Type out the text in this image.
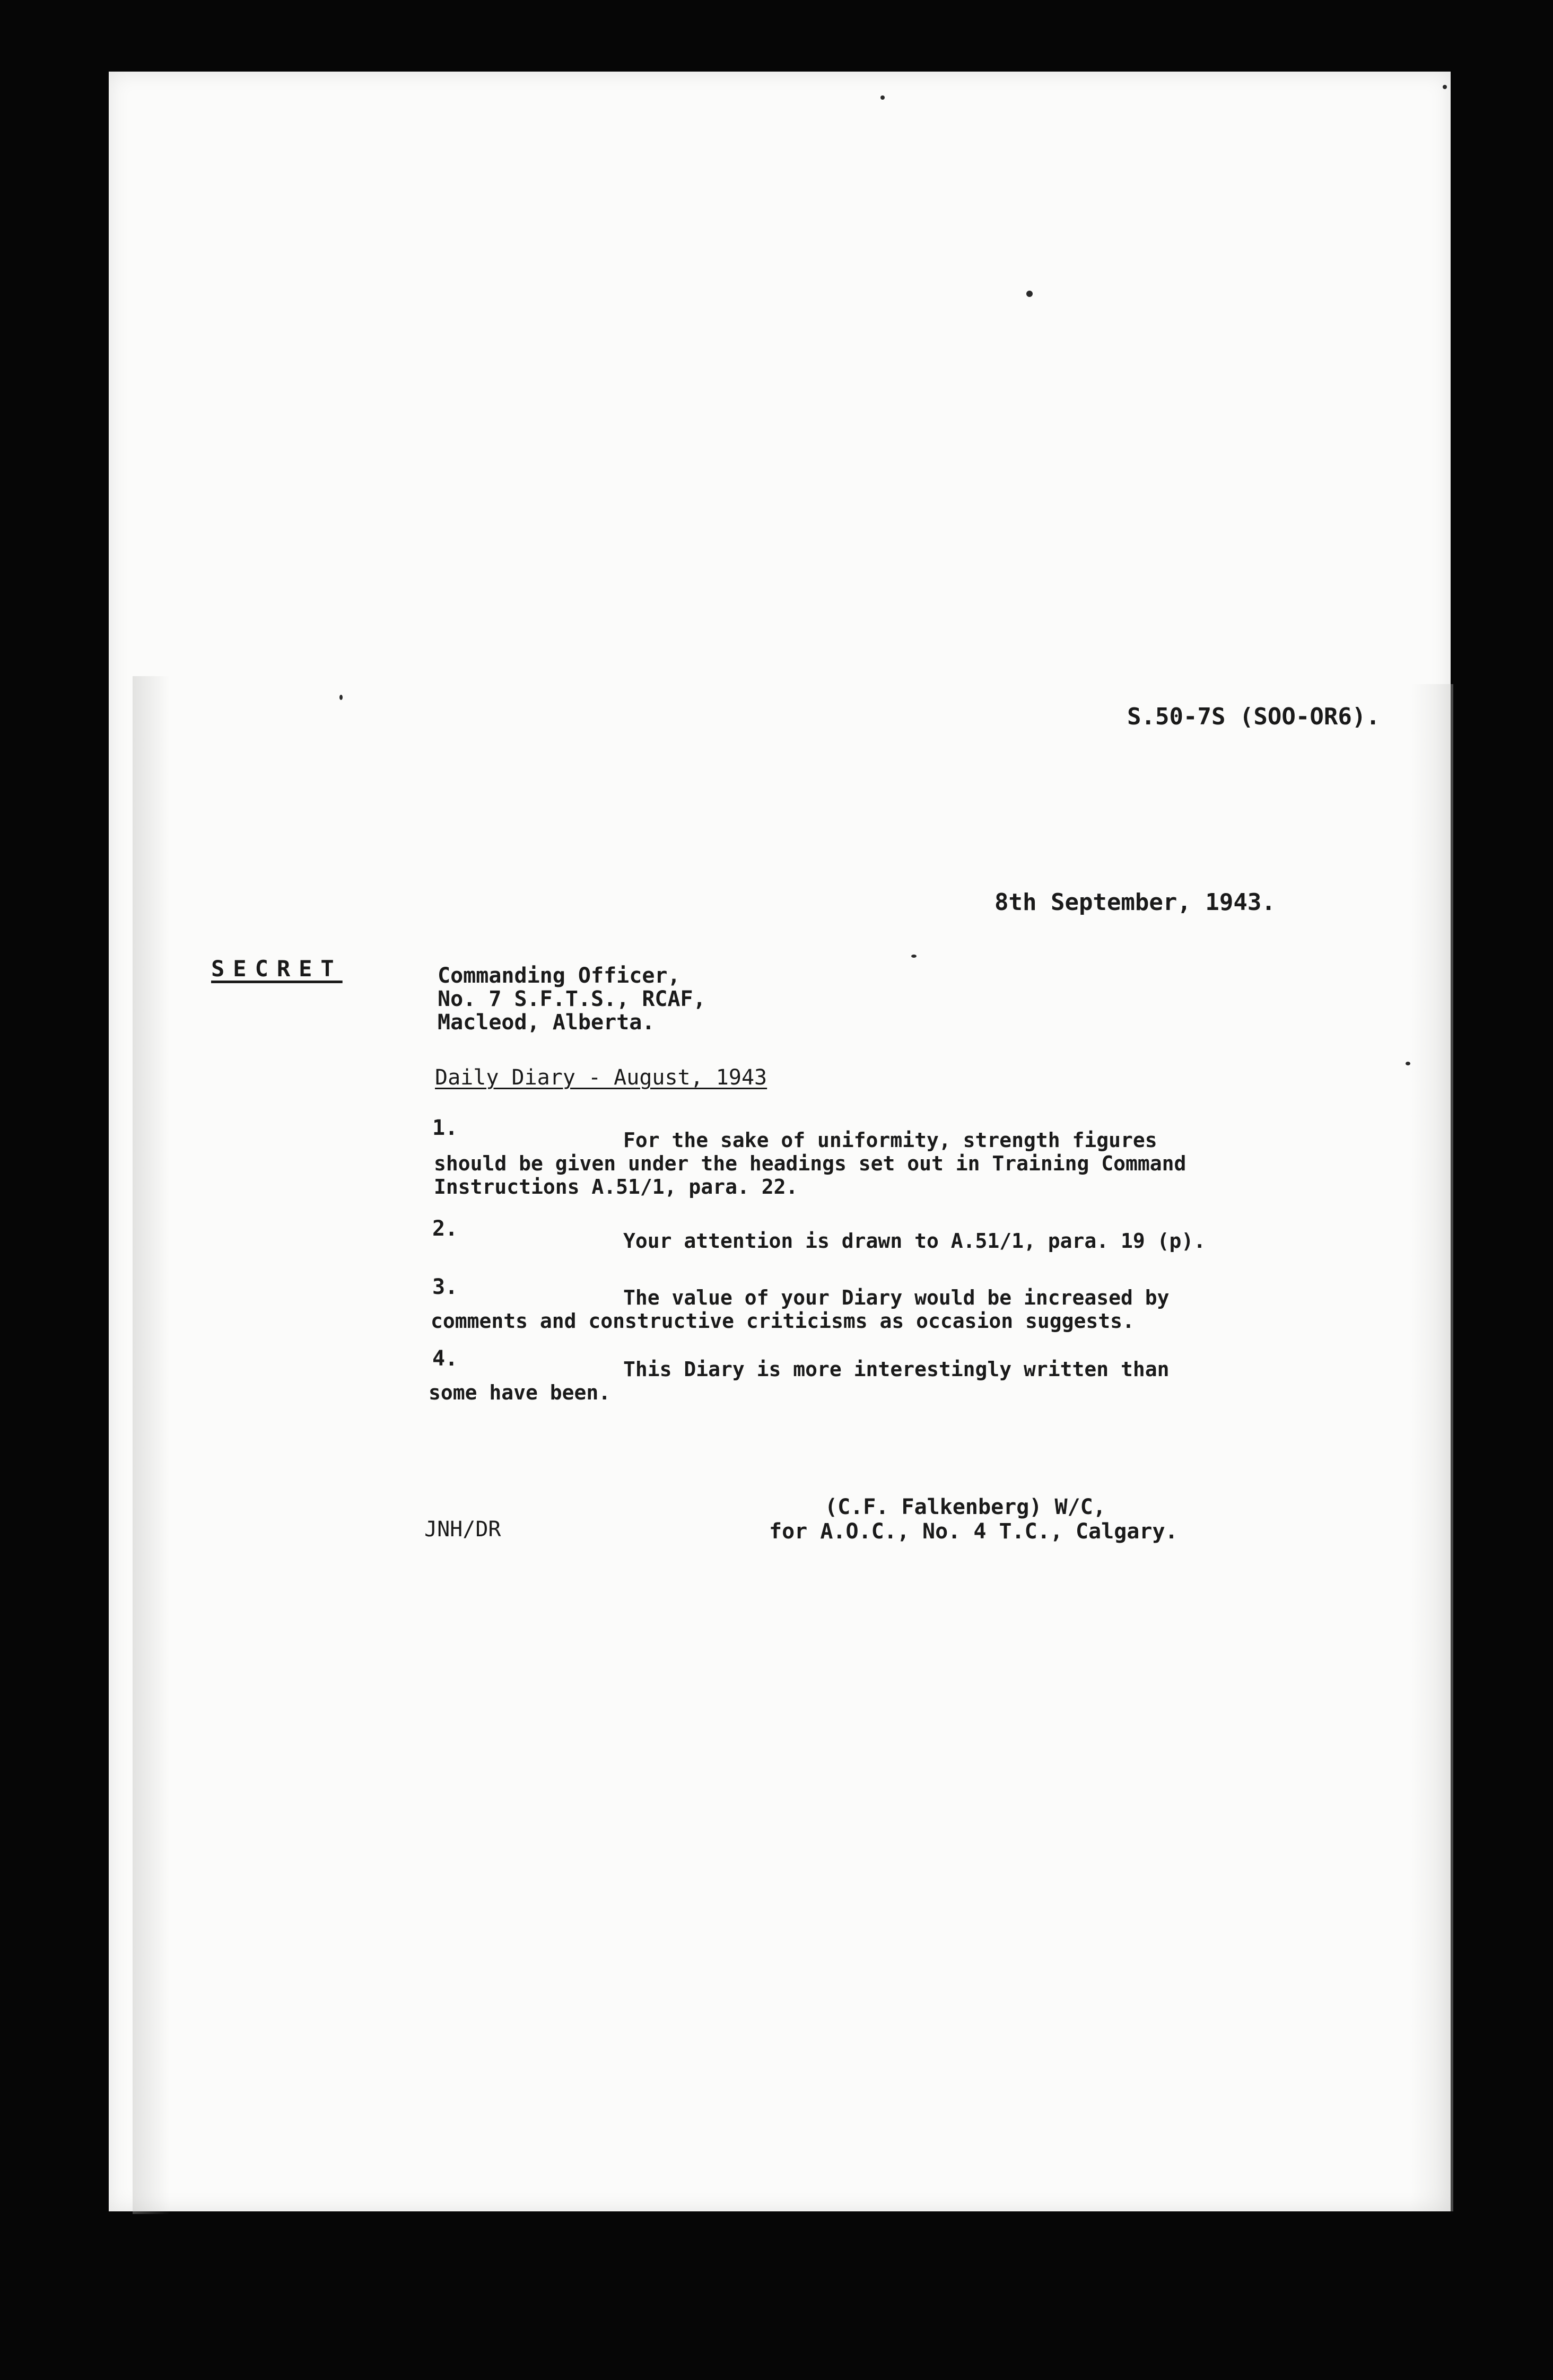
S.50-7S (SOO-OR6).
8th September, 1943.
SECRET	Commanding Officer,
No. 7 S.F.T.S., RCAF,
Macleod, Alberta.
Daily Diary - August, 1943
1.	For the sake of uniformity, strength figures
should be given under the headings set out in Training Command
Instructions A.51/1, para. 22.
2.	Your attention is drawn to A.51/1, para. 19 (p).
3.	The value of your Diary would be increased by
comments and constructive criticisms as occasion suggests.
4.	This Diary is more interestingly written than
some have been.
JNH/DR
(C.F. Falkenberg) W/C,
for A.O.C., No. 4 T.C., Calgary.
